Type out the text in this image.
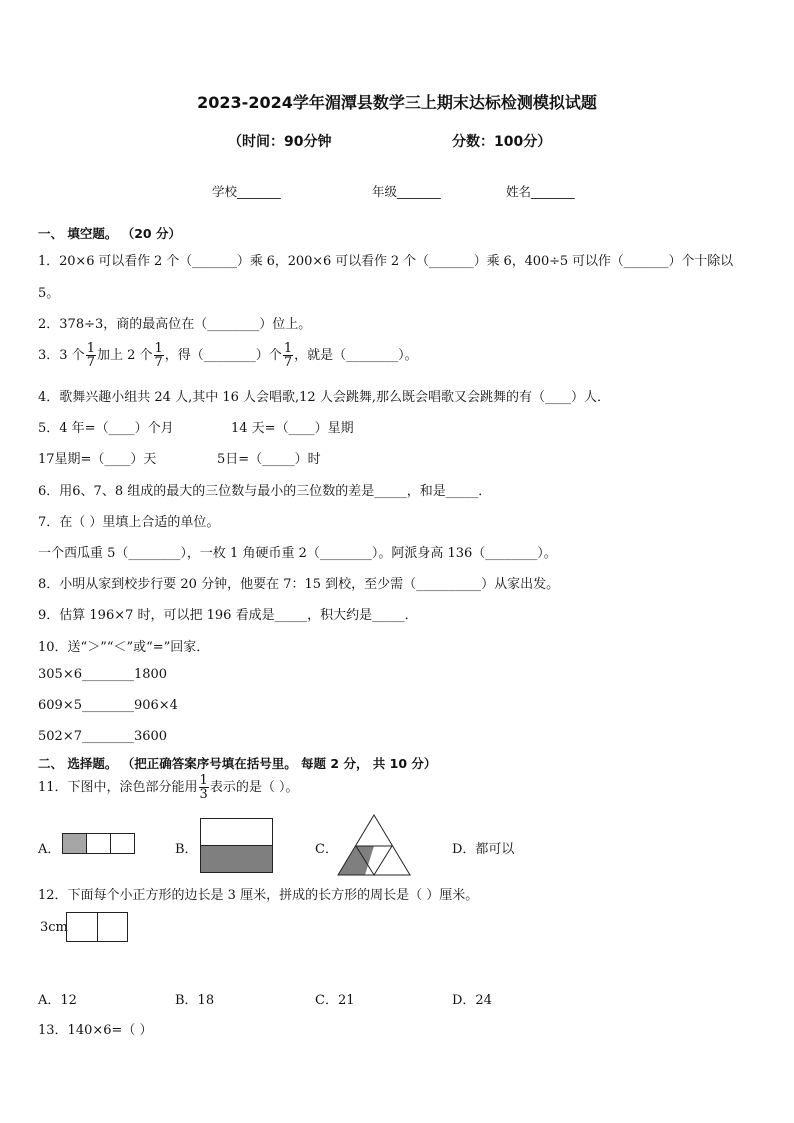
2023-2024学年湄潭县数学三上期末达标检测模拟试题
（时间：90分钟	分数：100分）
学校_______	年级_______	姓名_______
一、 填空题。 （20 分）
1．20×6 可以看作 2 个（_______）乘 6，200×6 可以看作 2 个（_______）乘 6，400÷5 可以作（_______）个十除以
5。
2．378÷3，商的最高位在（________）位上。
3．3 个 $\frac{1}{7}$ 加上 2 个 $\frac{1}{7}$ ，得（________）个 $\frac{1}{7}$ ，就是（________）。
4．歌舞兴趣小组共 24 人,其中 16 人会唱歌,12 人会跳舞,那么既会唱歌又会跳舞的有（____）人．
5．4 年=（____）个月	14 天=（____）星期
17星期=（____）天	5日=（_____）时
6．用6、7、8 组成的最大的三位数与最小的三位数的差是_____，和是_____．
7．在（ ）里填上合适的单位。
一个西瓜重 5（________），一枚 1 角硬币重 2（________）。阿派身高 136（________）。
8．小明从家到校步行要 20 分钟，他要在 7：15 到校，至少需（__________）从家出发。
9．估算 196×7 时，可以把 196 看成是_____，积大约是_____．
10．送“＞”“＜”或“=”回家．
305×6________1800
609×5________906×4
502×7________3600
二、 选择题。 （把正确答案序号填在括号里。 每题 2 分， 共 10 分）
11．下图中，涂色部分能用 $\frac{1}{3}$ 表示的是（ ）。
A．	B．	C．	D．都可以
12．下面每个小正方形的边长是 3 厘米，拼成的长方形的周长是（ ）厘米。
3cm
A．12	B．18	C．21	D．24
13．140×6=（ ）
